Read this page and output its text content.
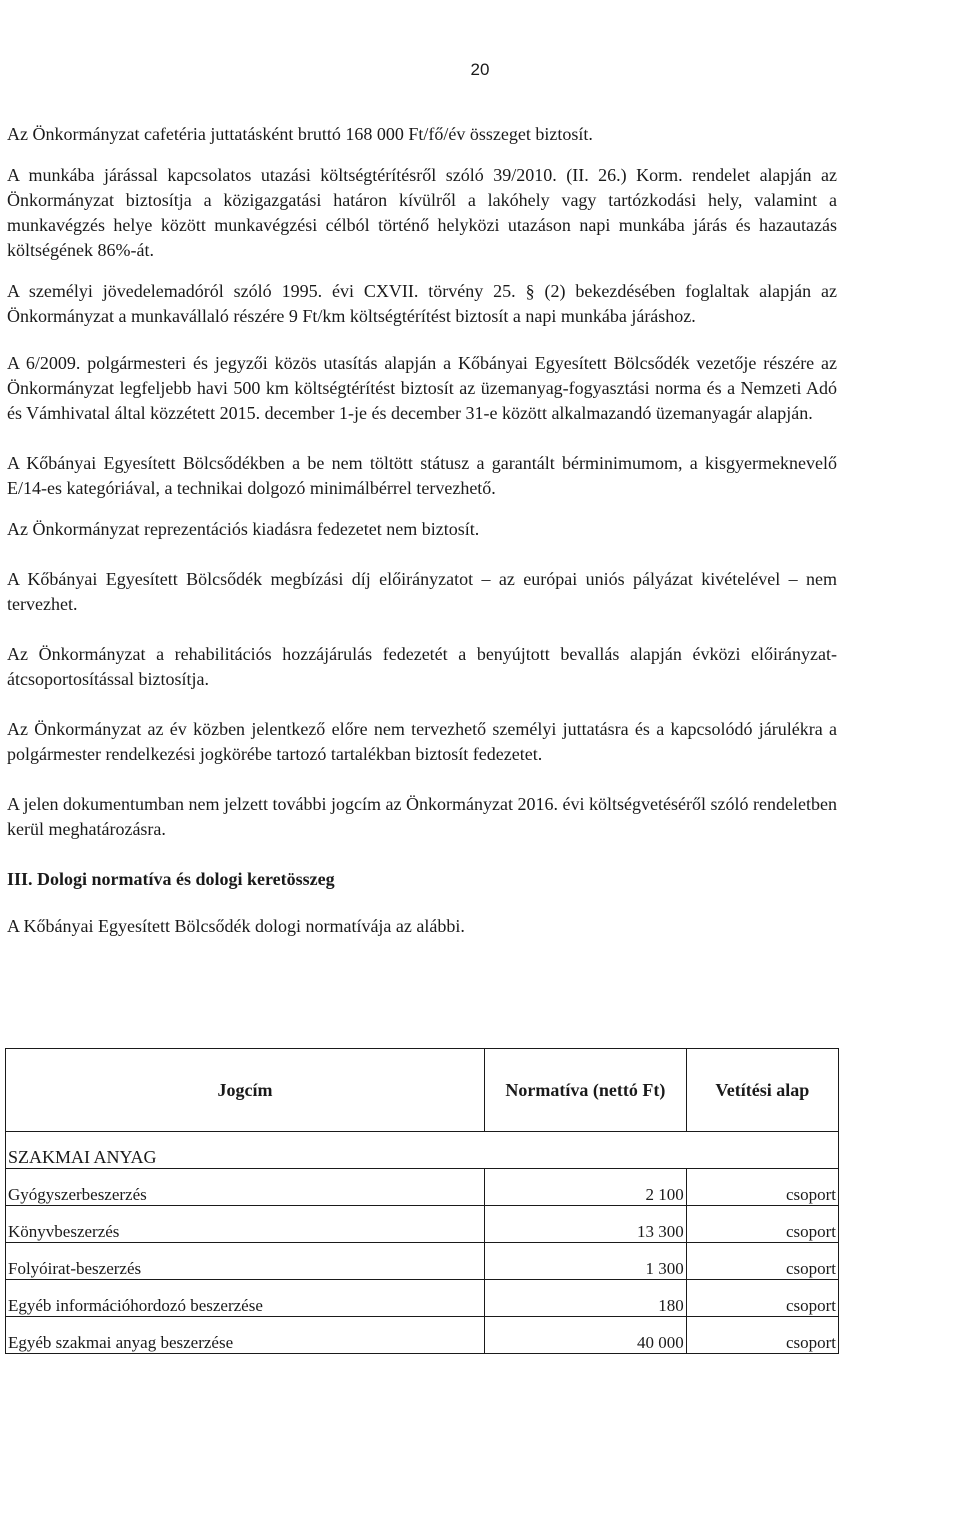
20

Az Önkormányzat cafetéria juttatásként bruttó 168 000 Ft/fő/év összeget biztosít.

A munkába járással kapcsolatos utazási költségtérítésről szóló 39/2010. (II. 26.) Korm. rendelet alapján az Önkormányzat biztosítja a közigazgatási határon kívülről a lakóhely vagy tartózkodási hely, valamint a munkavégzés helye között munkavégzési célból történő helyközi utazáson napi munkába járás és hazautazás költségének 86%-át.

A személyi jövedelemadóról szóló 1995. évi CXVII. törvény 25. § (2) bekezdésében foglaltak alapján az Önkormányzat a munkavállaló részére 9 Ft/km költségtérítést biztosít a napi munkába járáshoz.

A 6/2009. polgármesteri és jegyzői közös utasítás alapján a Kőbányai Egyesített Bölcsődék vezetője részére az Önkormányzat legfeljebb havi 500 km költségtérítést biztosít az üzemanyag-fogyasztási norma és a Nemzeti Adó és Vámhivatal által közzétett 2015. december 1-je és december 31-e között alkalmazandó üzemanyagár alapján.

A Kőbányai Egyesített Bölcsődékben a be nem töltött státusz a garantált bérminimumom, a kisgyermeknevelő E/14-es kategóriával, a technikai dolgozó minimálbérrel tervezhető.

Az Önkormányzat reprezentációs kiadásra fedezetet nem biztosít.

A Kőbányai Egyesített Bölcsődék megbízási díj előirányzatot – az európai uniós pályázat kivételével – nem tervezhet.

Az Önkormányzat a rehabilitációs hozzájárulás fedezetét a benyújtott bevallás alapján évközi előirányzat-átcsoportosítással biztosítja.

Az Önkormányzat az év közben jelentkező előre nem tervezhető személyi juttatásra és a kapcsolódó járulékra a polgármester rendelkezési jogkörébe tartozó tartalékban biztosít fedezetet.

A jelen dokumentumban nem jelzett további jogcím az Önkormányzat 2016. évi költségvetéséről szóló rendeletben kerül meghatározásra.

III. Dologi normatíva és dologi keretösszeg

A Kőbányai Egyesített Bölcsődék dologi normatívája az alábbi.

Jogcím	Normatíva (nettó Ft)	Vetítési alap
SZAKMAI ANYAG		
Gyógyszerbeszerzés	2 100	csoport
Könyvbeszerzés	13 300	csoport
Folyóirat-beszerzés	1 300	csoport
Egyéb információhordozó beszerzése	180	csoport
Egyéb szakmai anyag beszerzése	40 000	csoport
